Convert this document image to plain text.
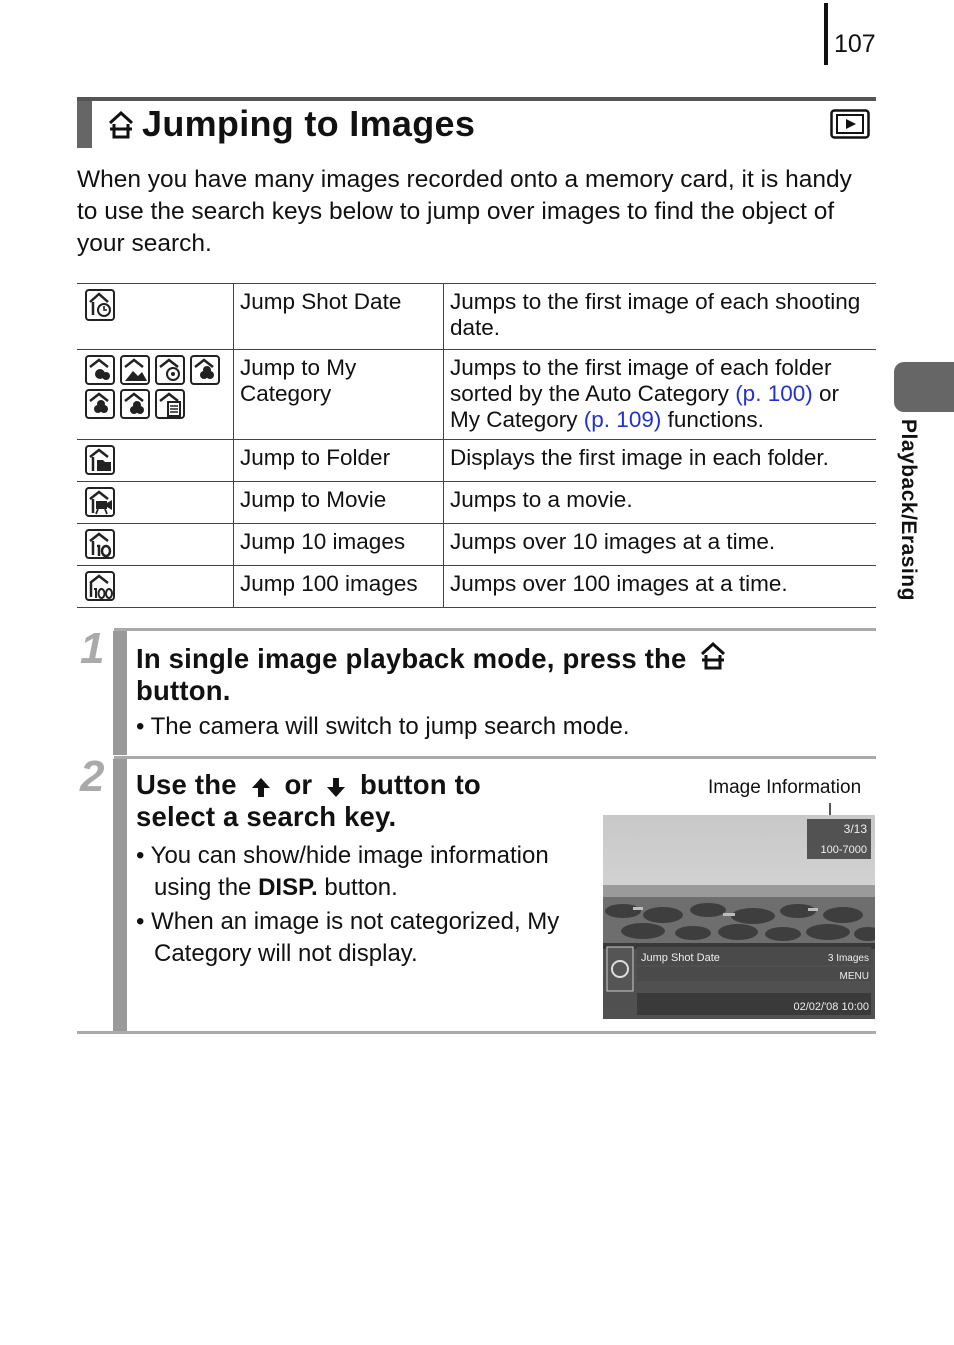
107
Jumping to Images
When you have many images recorded onto a memory card, it is handy to use the search keys below to jump over images to find the object of your search.
	Jump Shot Date	Jumps to the first image of each shooting date.

	Jump to My Category	Jumps to the first image of each folder sorted by the Auto Category (p. 100) or My Category (p. 109) functions.
	Jump to Folder	Displays the first image in each folder.
	Jump to Movie	Jumps to a movie.
	Jump 10 images	Jumps over 10 images at a time.
	Jump 100 images	Jumps over 100 images at a time.	Playback/Erasing
1 In single image playback mode, press the
button.
• The camera will switch to jump search mode.
2 Use the or button to
select a search key.
• You can show/hide image information using the DISP. button.
• When an image is not categorized, My Category will not display.
Image Information
3/13
100-7000
Jump Shot Date	3 Images
MENU
02/02/'08 10:00
